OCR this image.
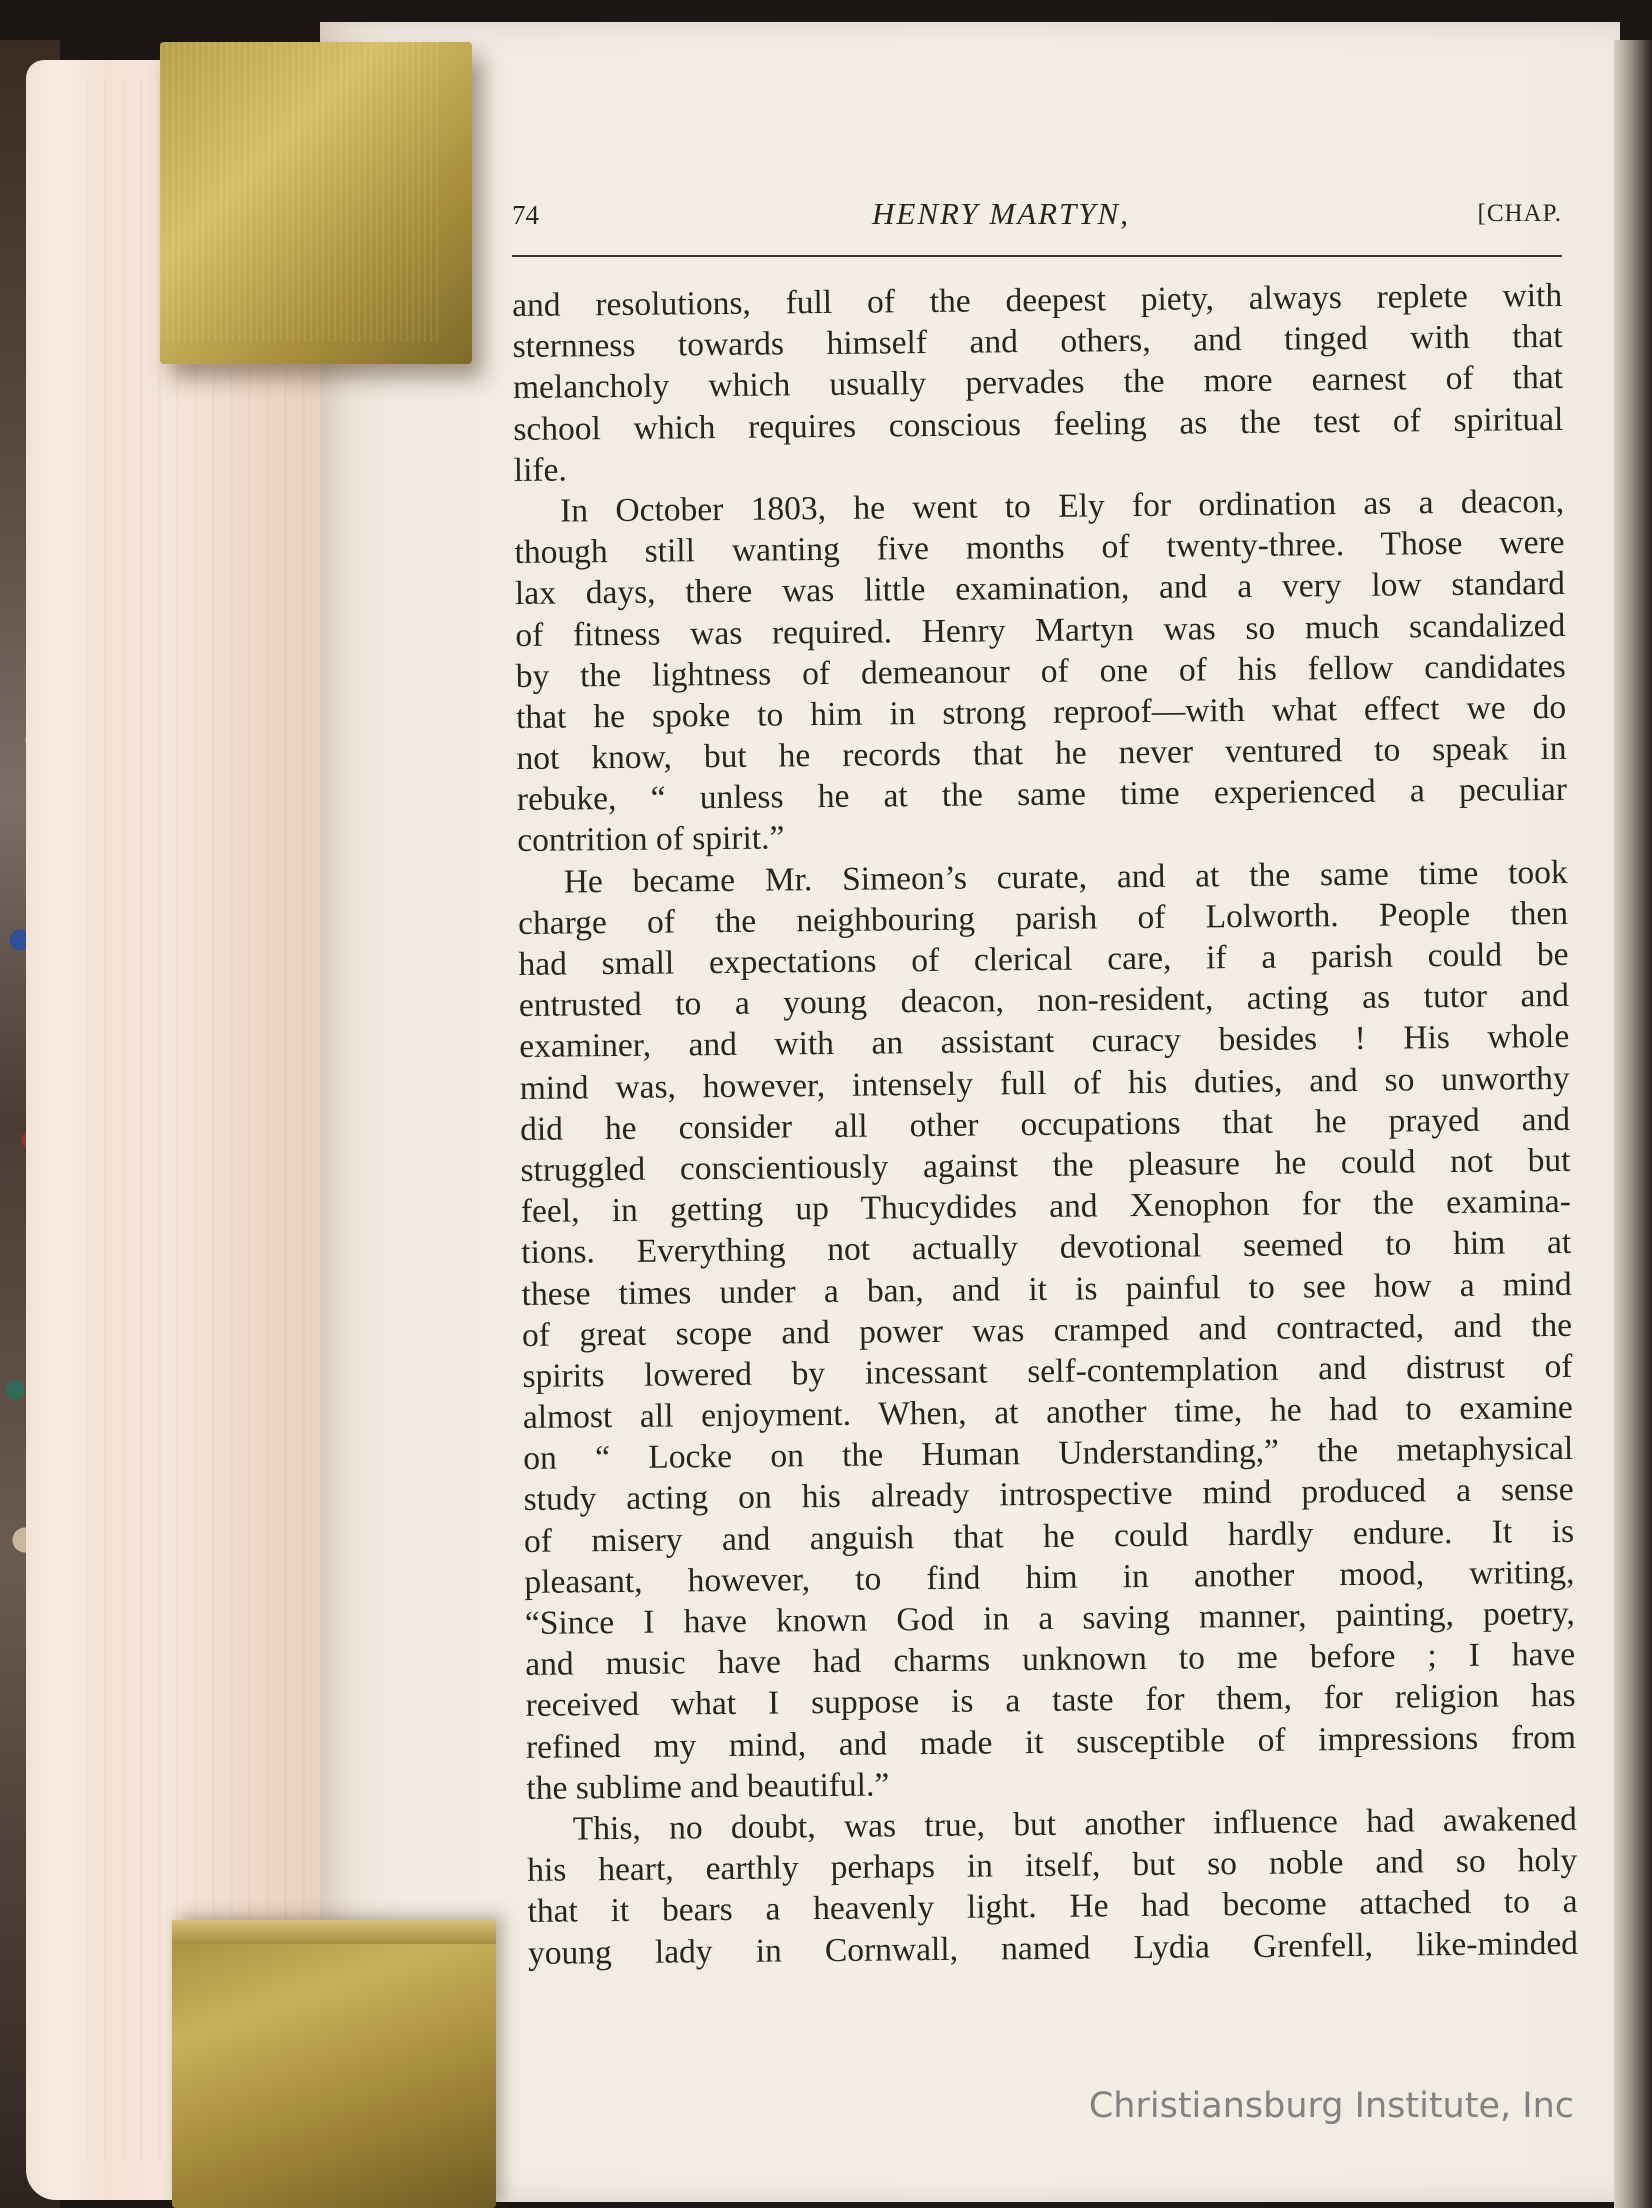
74	HENRY MARTYN,	[CHAP.
and resolutions, full of the deepest piety, always replete with
sternness towards himself and others, and tinged with that
melancholy which usually pervades the more earnest of that
school which requires conscious feeling as the test of spiritual
life.
In October 1803, he went to Ely for ordination as a deacon,
though still wanting five months of twenty-three. Those were
lax days, there was little examination, and a very low standard
of fitness was required. Henry Martyn was so much scandalized
by the lightness of demeanour of one of his fellow candidates
that he spoke to him in strong reproof—with what effect we do
not know, but he records that he never ventured to speak in
rebuke, “ unless he at the same time experienced a peculiar
contrition of spirit.”
He became Mr. Simeon’s curate, and at the same time took
charge of the neighbouring parish of Lolworth. People then
had small expectations of clerical care, if a parish could be
entrusted to a young deacon, non-resident, acting as tutor and
examiner, and with an assistant curacy besides ! His whole
mind was, however, intensely full of his duties, and so unworthy
did he consider all other occupations that he prayed and
struggled conscientiously against the pleasure he could not but
feel, in getting up Thucydides and Xenophon for the examina-
tions. Everything not actually devotional seemed to him at
these times under a ban, and it is painful to see how a mind
of great scope and power was cramped and contracted, and the
spirits lowered by incessant self-contemplation and distrust of
almost all enjoyment. When, at another time, he had to examine
on “ Locke on the Human Understanding,” the metaphysical
study acting on his already introspective mind produced a sense
of misery and anguish that he could hardly endure. It is
pleasant, however, to find him in another mood, writing,
“Since I have known God in a saving manner, painting, poetry,
and music have had charms unknown to me before ; I have
received what I suppose is a taste for them, for religion has
refined my mind, and made it susceptible of impressions from
the sublime and beautiful.”
This, no doubt, was true, but another influence had awakened
his heart, earthly perhaps in itself, but so noble and so holy
that it bears a heavenly light. He had become attached to a
young lady in Cornwall, named Lydia Grenfell, like-minded
Christiansburg Institute, Inc
